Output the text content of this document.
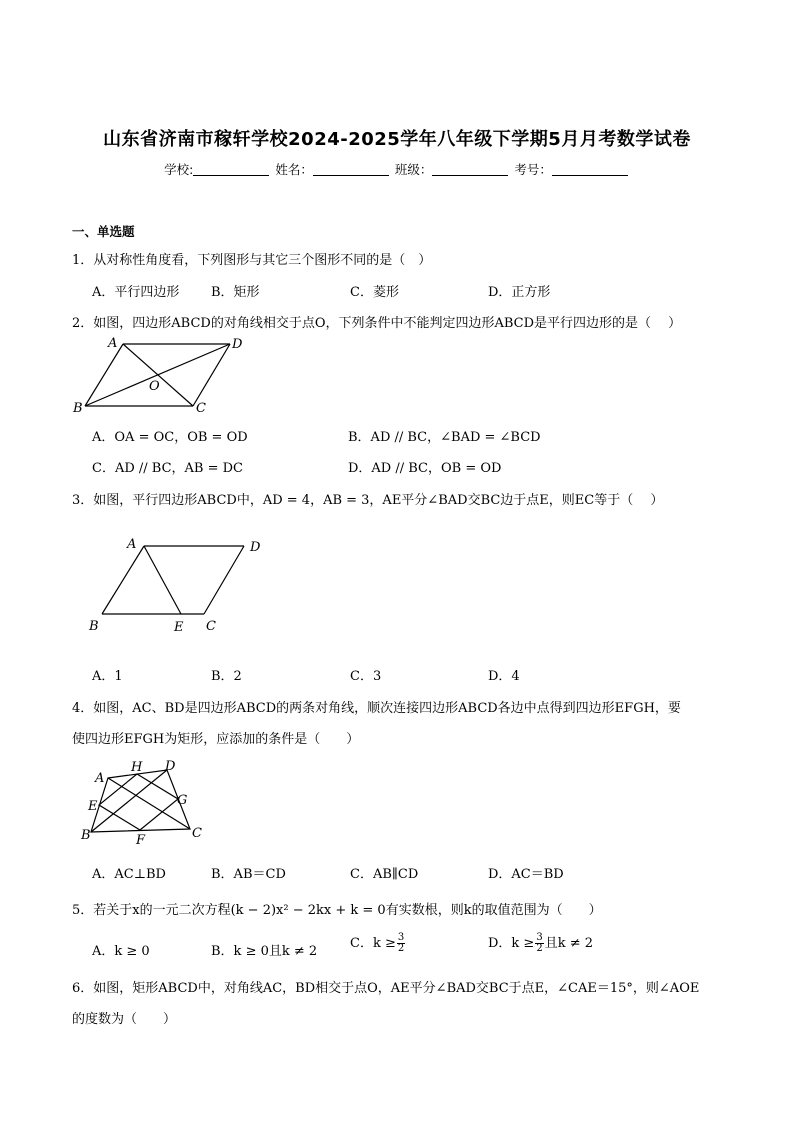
山东省济南市稼轩学校2024-2025学年八年级下学期5月月考数学试卷
学校:	姓名：	班级：	考号：
一、单选题
1．从对称性角度看，下列图形与其它三个图形不同的是（　）
A．平行四边形 B．矩形	C．菱形	D．正方形
2．如图，四边形ABCD的对角线相交于点O，下列条件中不能判定四边形ABCD是平行四边形的是（　 ）
A	D
B	C
O
A．OA = OC，OB = OD	B．AD // BC，∠BAD = ∠BCD
C．AD // BC，AB = DC	D．AD // BC，OB = OD
3．如图，平行四边形ABCD中，AD = 4，AB = 3，AE平分∠BAD交BC边于点E，则EC等于（　 ）
A	D
B	E C
A．1	B．2	C．3	D．4
4．如图，AC、BD是四边形ABCD的两条对角线，顺次连接四边形ABCD各边中点得到四边形EFGH，要
使四边形EFGH为矩形，应添加的条件是（　　）
A
H D
E	G
B	F	C
A．AC⊥BD	B．AB＝CD	C．AB∥CD	D．AC＝BD
5．若关于x的一元二次方程(k − 2)x² − 2kx + k = 0有实数根，则k的取值范围为（　　）
A．k ≥ 0	B．k ≥ 0且k ≠ 2
C．$k \ge \frac{3}{2}$	D．$k \ge \frac{3}{2}$ 且k ≠ 2
6．如图，矩形ABCD中，对角线AC，BD相交于点O，AE平分∠BAD交BC于点E，∠CAE＝15°，则∠AOE
的度数为（　　）
